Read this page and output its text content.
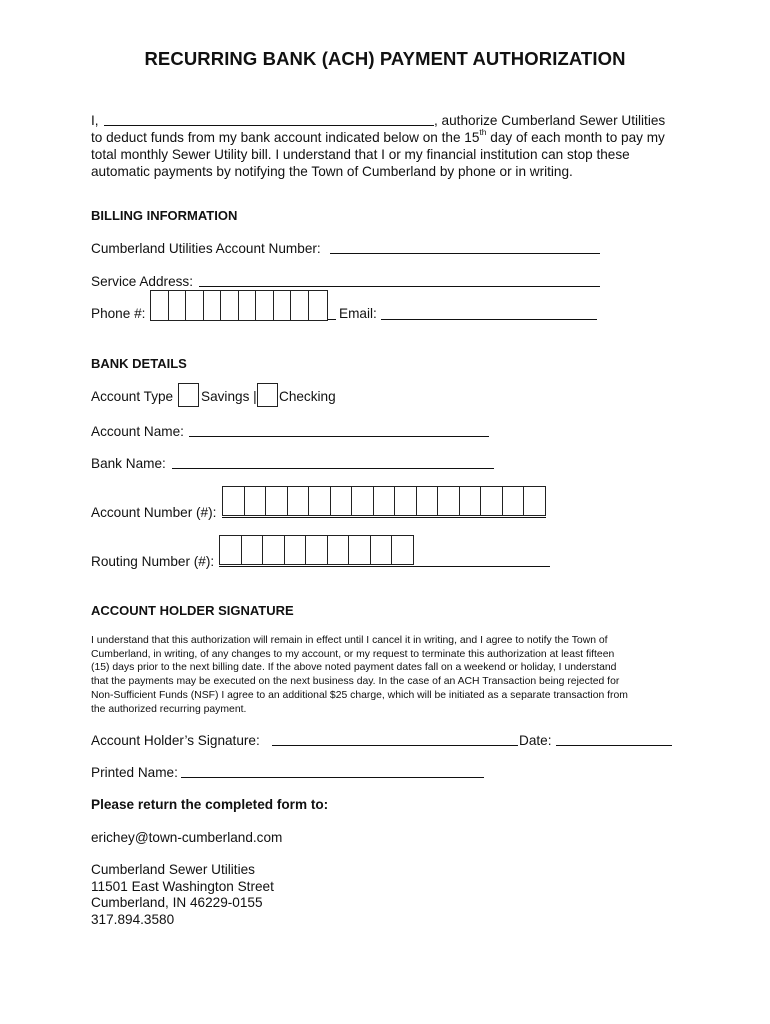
RECURRING BANK (ACH) PAYMENT AUTHORIZATION
I,	, authorize Cumberland Sewer Utilities
to deduct funds from my bank account indicated below on the 15th day of each month to pay my
total monthly Sewer Utility bill. I understand that I or my financial institution can stop these
automatic payments by notifying the Town of Cumberland by phone or in writing.
BILLING INFORMATION
Cumberland Utilities Account Number:
Service Address:
Phone #:	Email:
BANK DETAILS
Account Type Savings | Checking
Account Name:
Bank Name:
Account Number (#):
Routing Number (#):
ACCOUNT HOLDER SIGNATURE
I understand that this authorization will remain in effect until I cancel it in writing, and I agree to notify the Town of
Cumberland, in writing, of any changes to my account, or my request to terminate this authorization at least fifteen
(15) days prior to the next billing date. If the above noted payment dates fall on a weekend or holiday, I understand
that the payments may be executed on the next business day. In the case of an ACH Transaction being rejected for
Non-Sufficient Funds (NSF) I agree to an additional $25 charge, which will be initiated as a separate transaction from
the authorized recurring payment.
Account Holder’s Signature:	Date:
Printed Name:
Please return the completed form to:
erichey@town-cumberland.com
Cumberland Sewer Utilities
11501 East Washington Street
Cumberland, IN 46229-0155
317.894.3580
